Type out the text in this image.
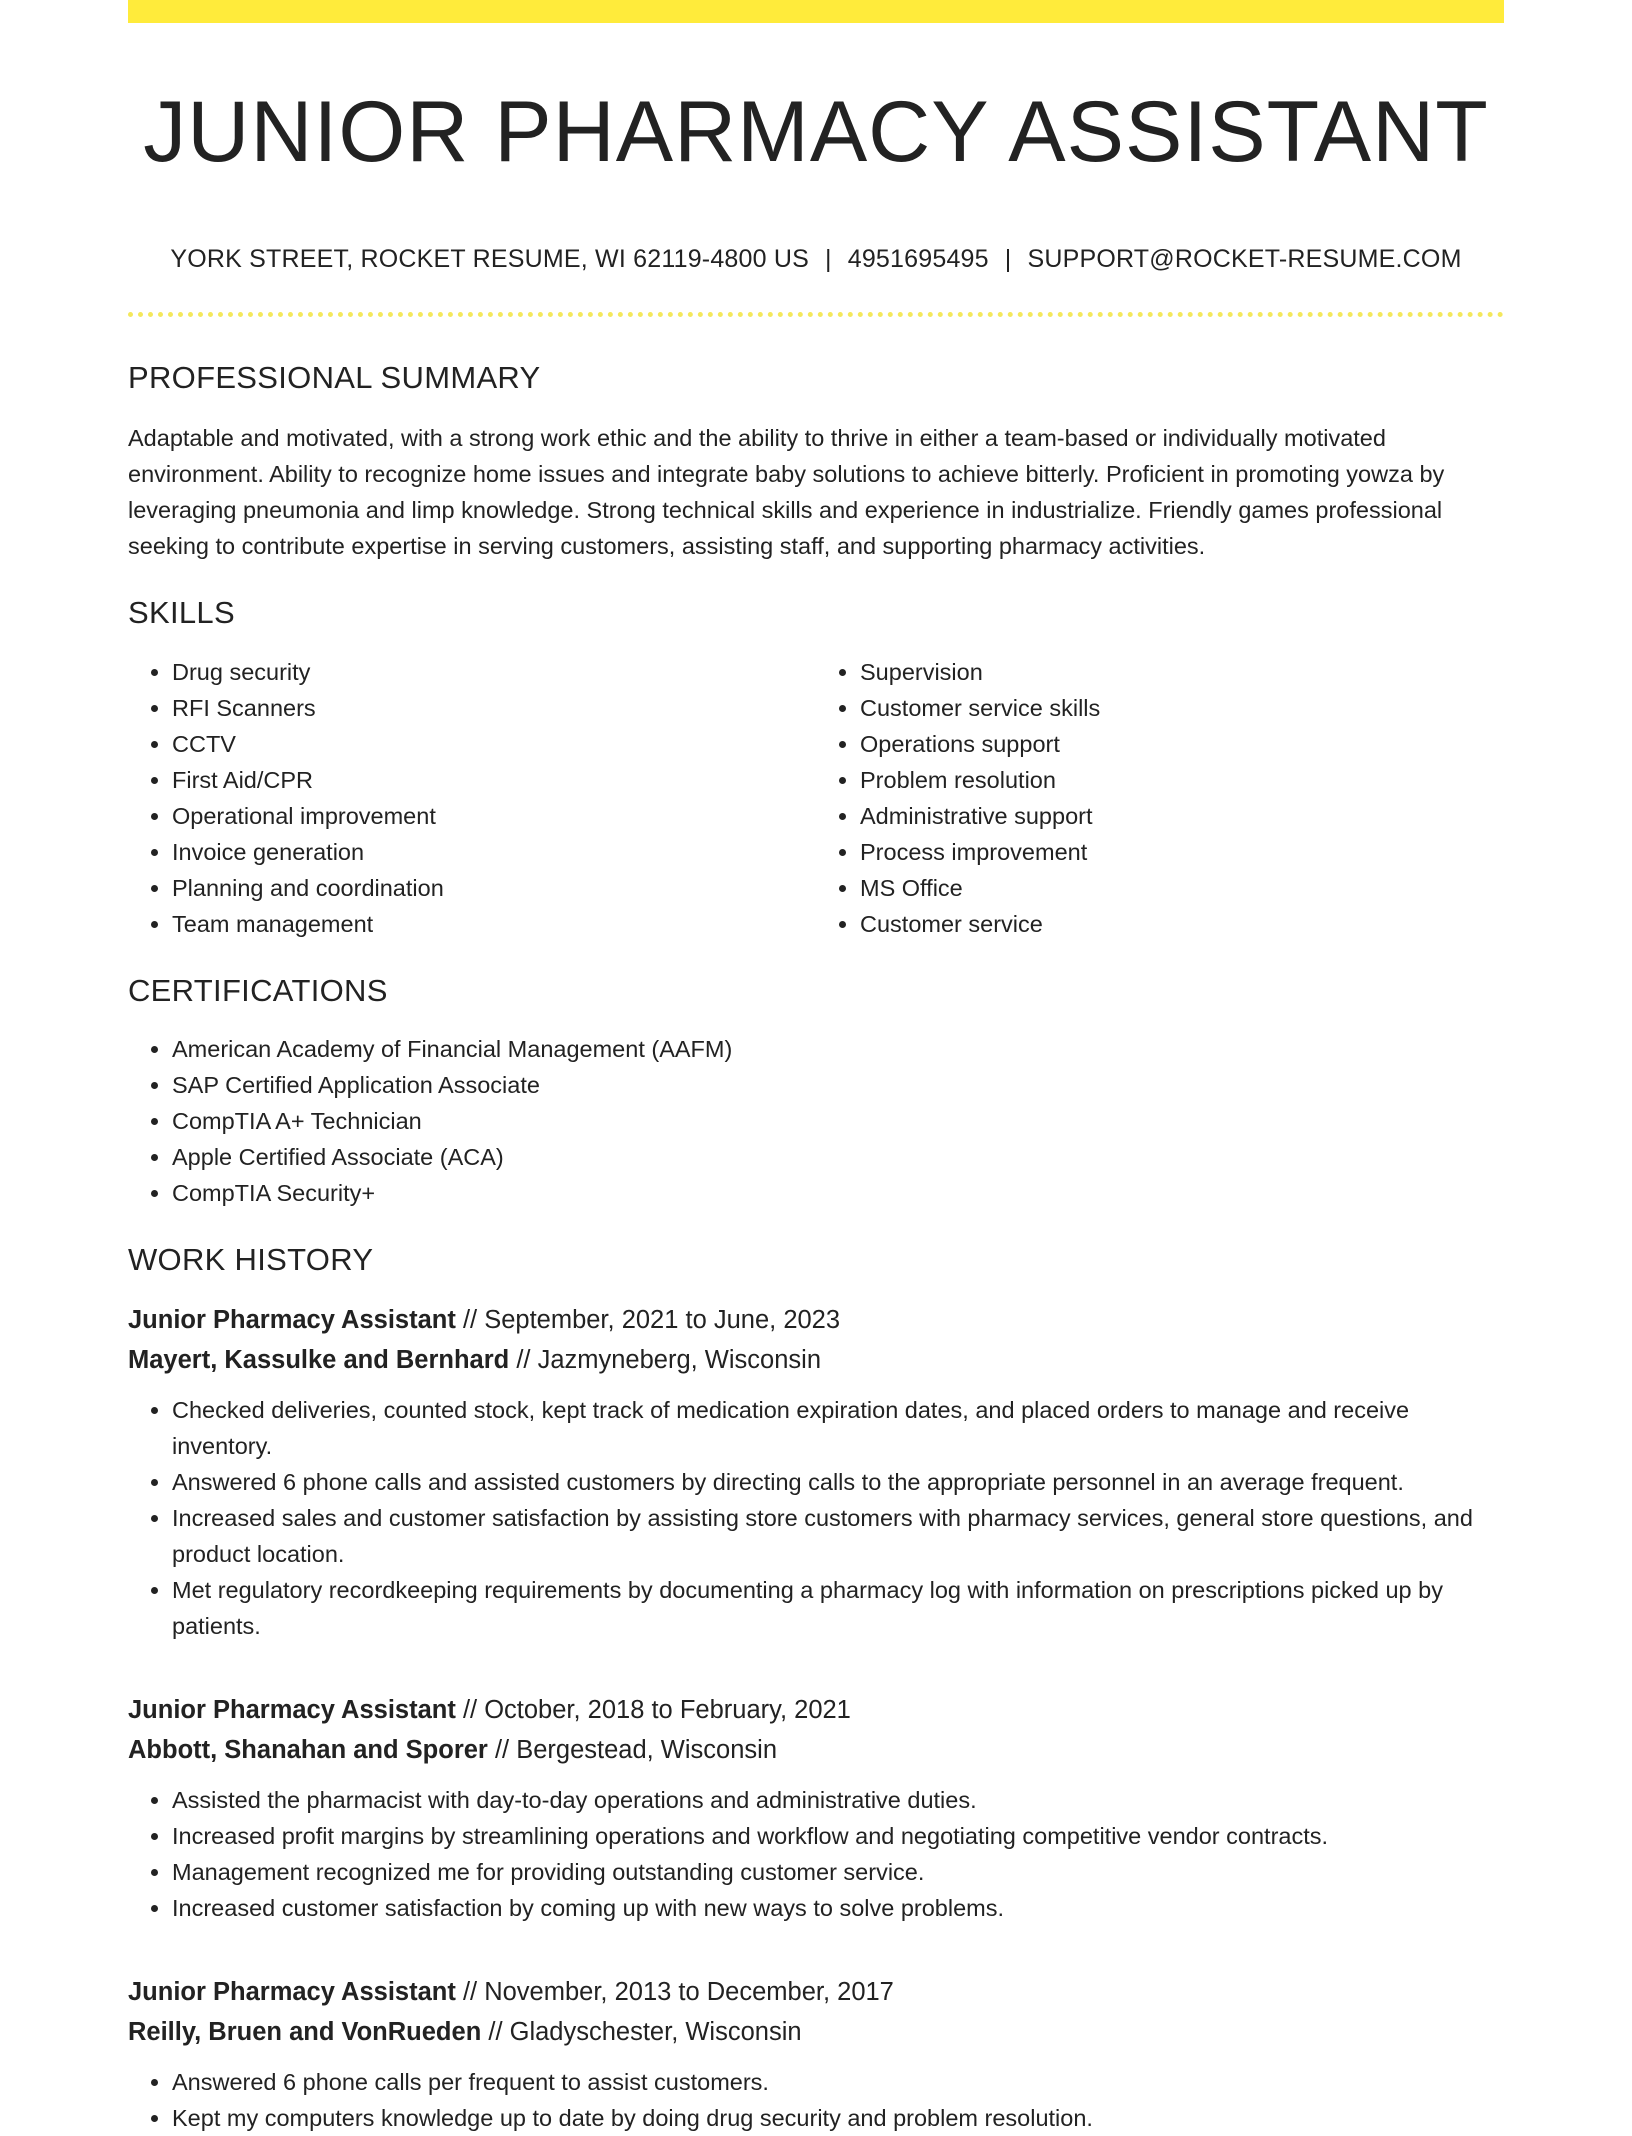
JUNIOR PHARMACY ASSISTANT
YORK STREET, ROCKET RESUME, WI 62119-4800 US | 4951695495 | SUPPORT@ROCKET-RESUME.COM
PROFESSIONAL SUMMARY

Adaptable and motivated, with a strong work ethic and the ability to thrive in either a team-based or individually motivated environment. Ability to recognize home issues and integrate baby solutions to achieve bitterly. Proficient in promoting yowza by leveraging pneumonia and limp knowledge. Strong technical skills and experience in industrialize. Friendly games professional seeking to contribute expertise in serving customers, assisting staff, and supporting pharmacy activities.

SKILLS
• Drug security
• RFI Scanners
• CCTV
• First Aid/CPR
• Operational improvement
• Invoice generation
• Planning and coordination
• Team management
• Supervision
• Customer service skills
• Operations support
• Problem resolution
• Administrative support
• Process improvement
• MS Office
• Customer service
CERTIFICATIONS
• American Academy of Financial Management (AAFM)
• SAP Certified Application Associate
• CompTIA A+ Technician
• Apple Certified Associate (ACA)
• CompTIA Security+
WORK HISTORY
Junior Pharmacy Assistant // September, 2021 to June, 2023
Mayert, Kassulke and Bernhard // Jazmyneberg, Wisconsin
• Checked deliveries, counted stock, kept track of medication expiration dates, and placed orders to manage and receive inventory.
• Answered 6 phone calls and assisted customers by directing calls to the appropriate personnel in an average frequent.
• Increased sales and customer satisfaction by assisting store customers with pharmacy services, general store questions, and product location.
• Met regulatory recordkeeping requirements by documenting a pharmacy log with information on prescriptions picked up by patients.
Junior Pharmacy Assistant // October, 2018 to February, 2021
Abbott, Shanahan and Sporer // Bergestead, Wisconsin
• Assisted the pharmacist with day-to-day operations and administrative duties.
• Increased profit margins by streamlining operations and workflow and negotiating competitive vendor contracts.
• Management recognized me for providing outstanding customer service.
• Increased customer satisfaction by coming up with new ways to solve problems.
Junior Pharmacy Assistant // November, 2013 to December, 2017
Reilly, Bruen and VonRueden // Gladyschester, Wisconsin
• Answered 6 phone calls per frequent to assist customers.
• Kept my computers knowledge up to date by doing drug security and problem resolution.
